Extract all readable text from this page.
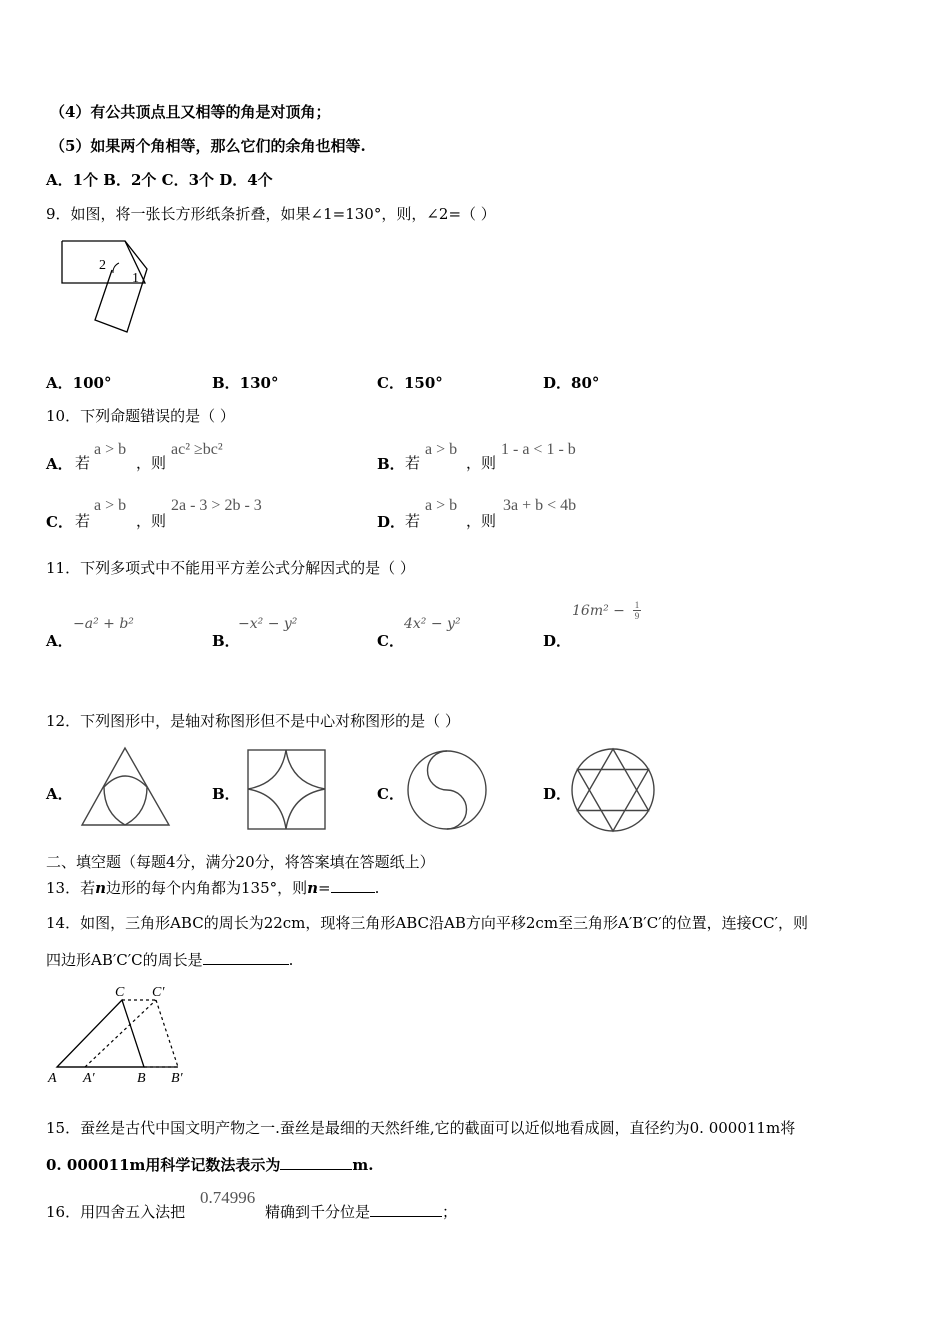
（4）有公共顶点且又相等的角是对顶角；
（5）如果两个角相等，那么它们的余角也相等.
A．1个 B．2个 C．3个 D．4个
9．如图，将一张长方形纸条折叠，如果∠1=130°，则，∠2=（ ）
2
1
A．100°	B．130°	C．150°	D．80°
10．下列命题错误的是（ ）
A． 若
a > b
，则
ac² ≥bc²
B． 若
a > b
，则
1 - a < 1 - b
C． 若
a > b
，则
2a - 3 > 2b - 3
D． 若
a > b
，则
3a + b < 4b
11．下列多项式中不能用平方差公式分解因式的是（ ）
A．
−a² + b²
B．
−x² − y²
C．
4x² − y²
D．
$16m^2 - \frac{1}{9}$
12．下列图形中，是轴对称图形但不是中心对称图形的是（ ）
A．	B．	C．	D．
二、填空题（每题4分，满分20分，将答案填在答题纸上）
13．若n边形的每个内角都为135°，则n=	.
14．如图，三角形ABC的周长为22cm，现将三角形ABC沿AB方向平移2cm至三角形A′B′C′的位置，连接CC′，则
四边形AB′C′C的周长是	.
C C′
A A′	B B′
15．蚕丝是古代中国文明产物之一.蚕丝是最细的天然纤维,它的截面可以近似地看成圆，直径约为0. 000011m将
0. 000011m用科学记数法表示为	m.
16．用四舍五入法把
0.74996
精确到千分位是	；
